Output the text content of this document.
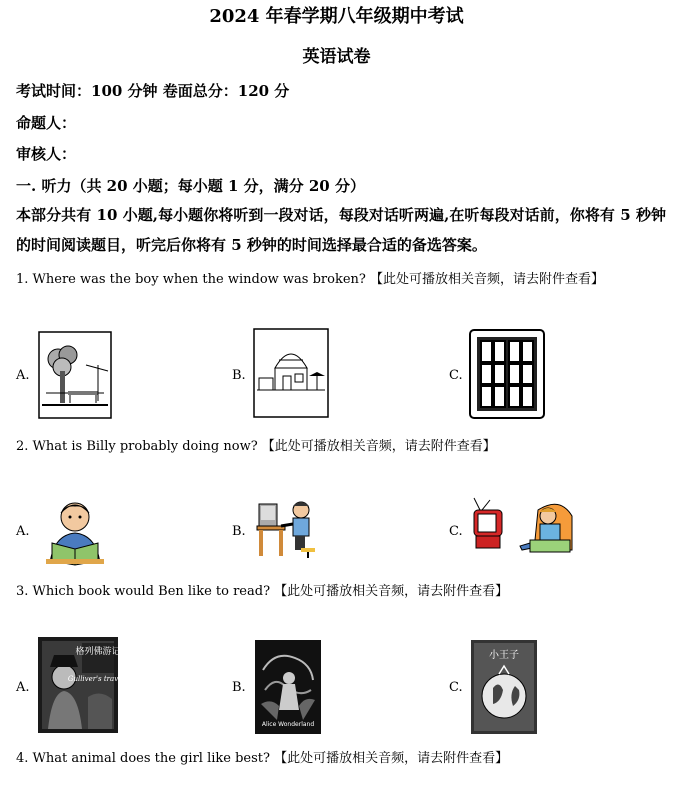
2024 年春学期八年级期中考试
英语试卷
考试时间：100 分钟 卷面总分：120 分
命题人：
审核人：
一. 听力（共 20 小题；每小题 1 分，满分 20 分）
本部分共有 10 小题,每小题你将听到一段对话，每段对话听两遍,在听每段对话前，你将有 5 秒钟的时间阅读题目，听完后你将有 5 秒钟的时间选择最合适的备选答案。
1. Where was the boy when the window was broken? 【此处可播放相关音频，请去附件查看】
A.	B.	C.
2. What is Billy probably doing now? 【此处可播放相关音频，请去附件查看】
A.	B.	C.
3. Which book would Ben like to read? 【此处可播放相关音频，请去附件查看】
A.
格列佛游记
Gulliver's travels
B.
Alice Wonderland
C.
小王子
4. What animal does the girl like best? 【此处可播放相关音频，请去附件查看】
